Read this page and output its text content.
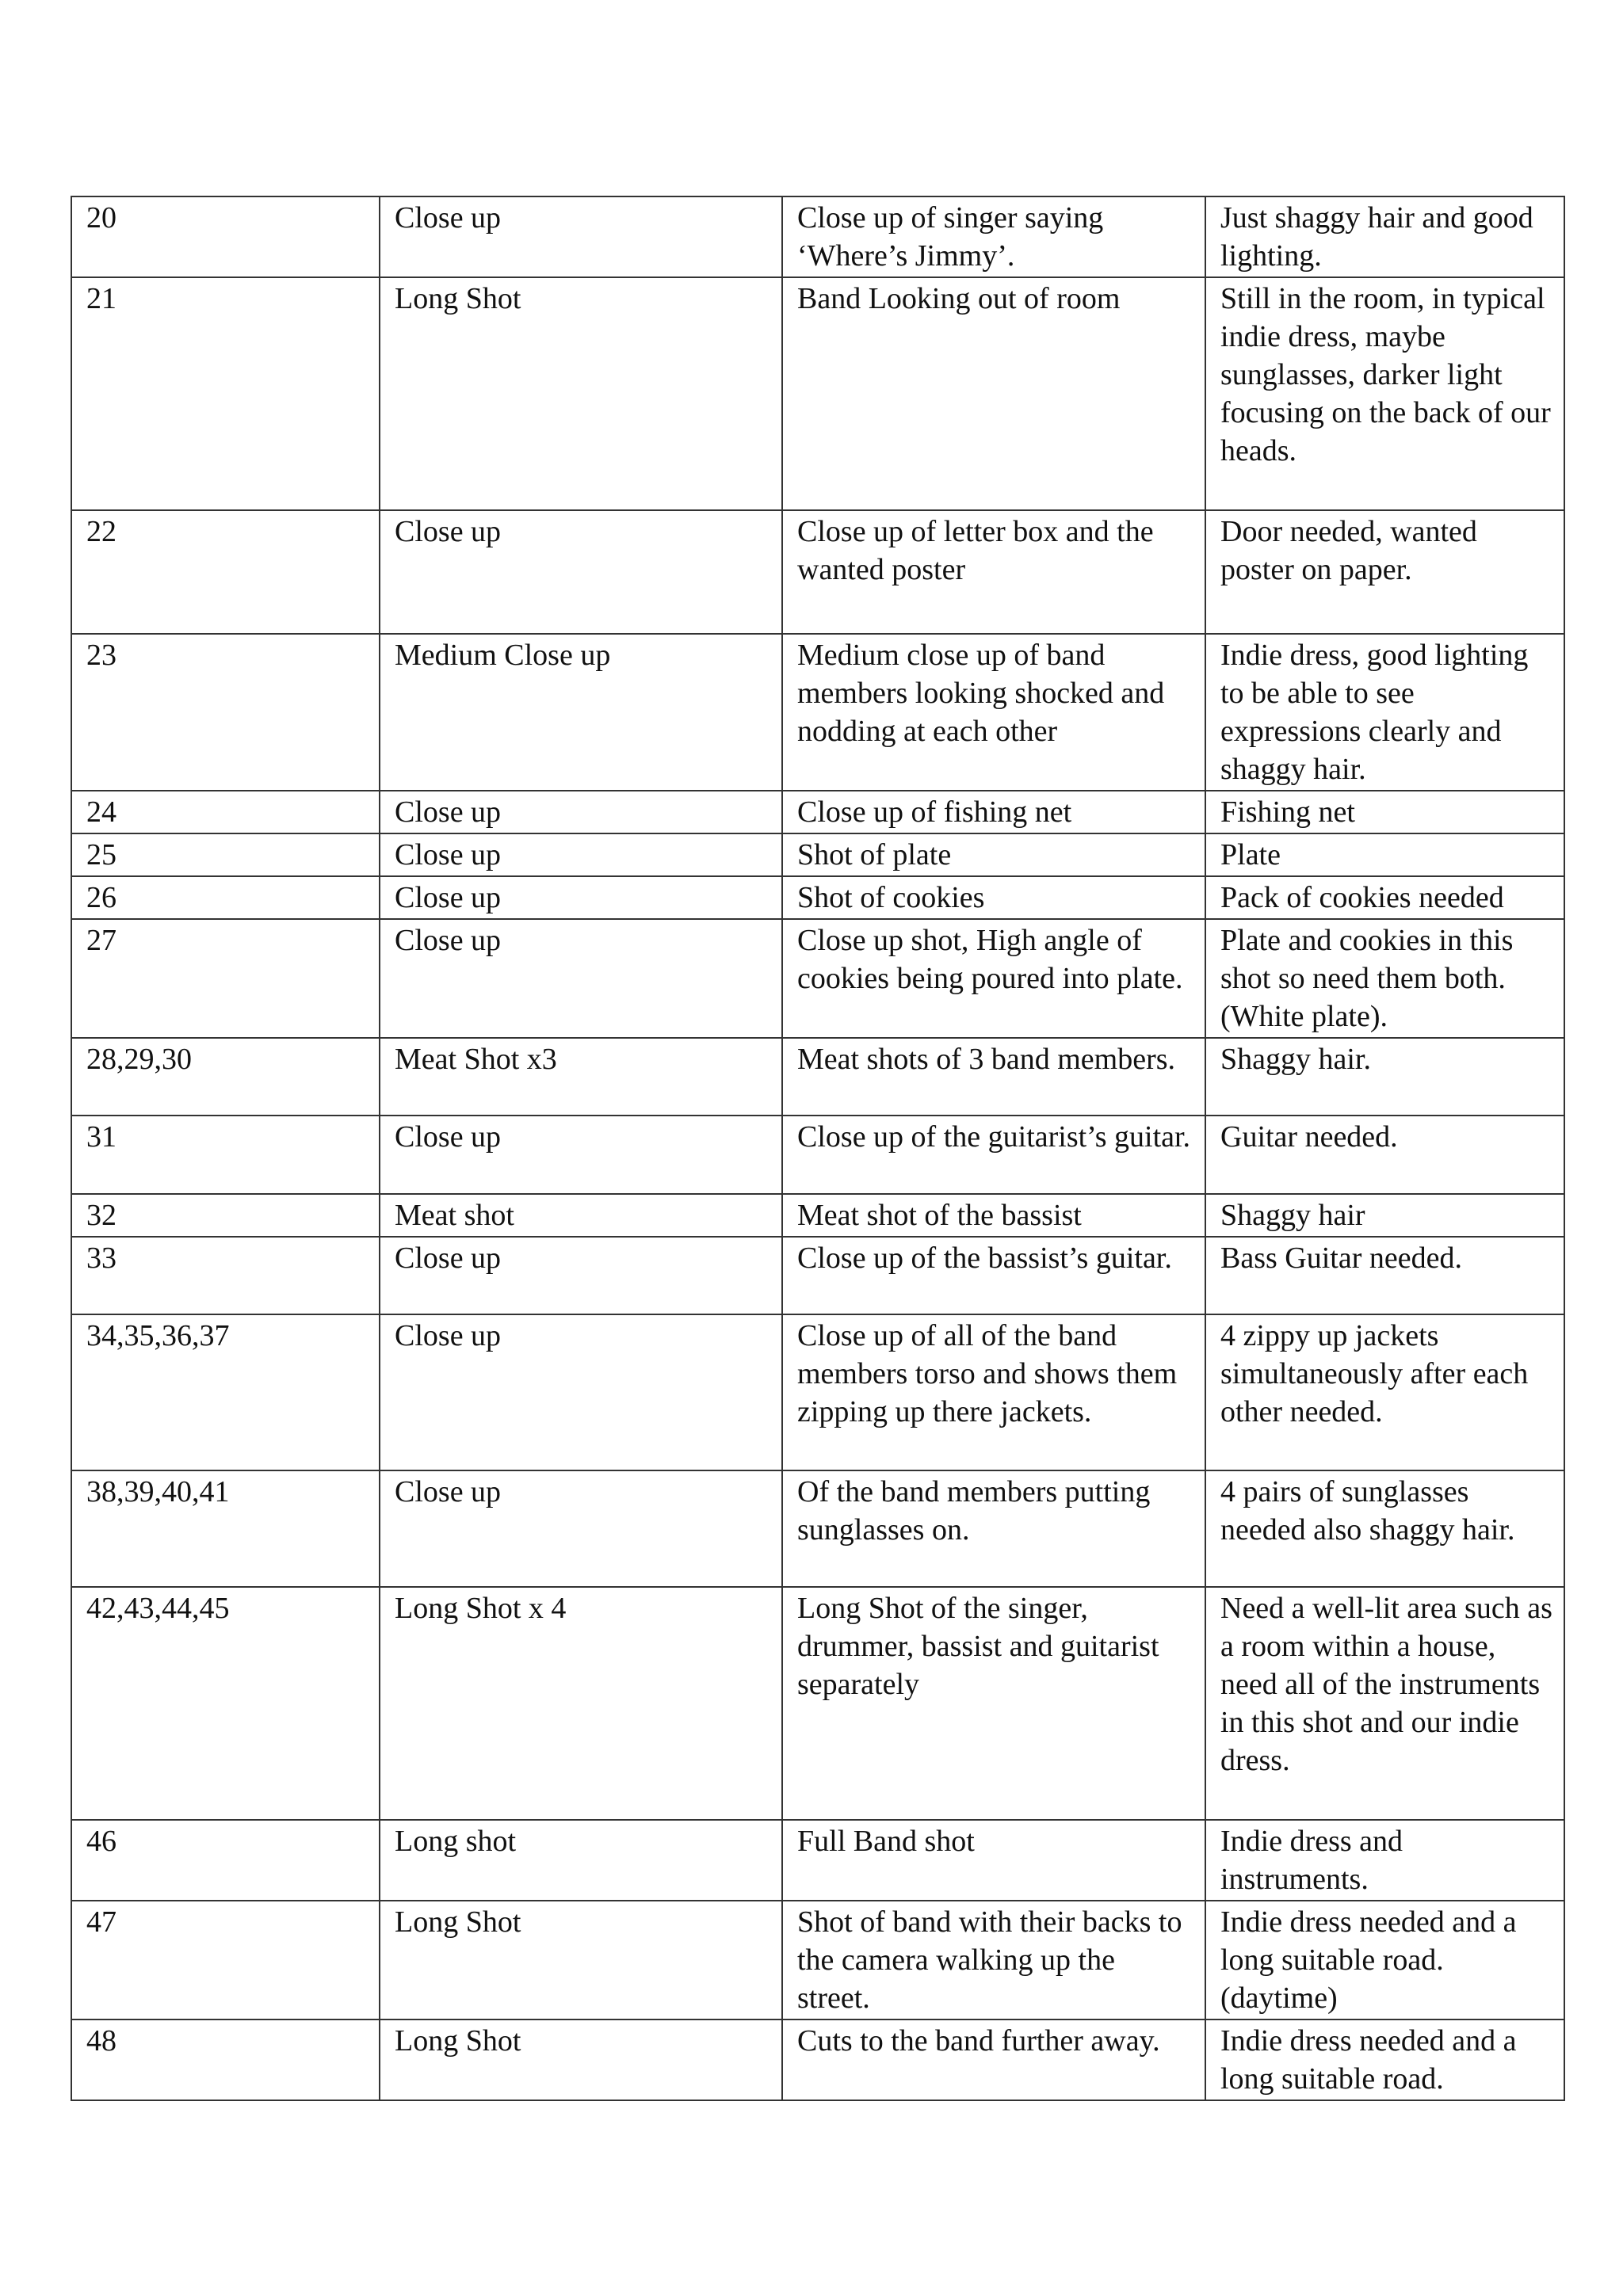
20	Close up	Close up of singer saying ‘Where’s Jimmy’.	Just shaggy hair and good lighting.
21	Long Shot	Band Looking out of room	Still in the room, in typical indie dress, maybe sunglasses, darker light focusing on the back of our heads.
22	Close up	Close up of letter box and the wanted poster	Door needed, wanted poster on paper.
23	Medium Close up	Medium close up of band members looking shocked and nodding at each other	Indie dress, good lighting to be able to see expressions clearly and shaggy hair.
24	Close up	Close up of fishing net	Fishing net
25	Close up	Shot of plate	Plate
26	Close up	Shot of cookies	Pack of cookies needed
27	Close up	Close up shot, High angle of cookies being poured into plate.	Plate and cookies in this shot so need them both. (White plate).
28,29,30	Meat Shot x3	Meat shots of 3 band members.	Shaggy hair.
31	Close up	Close up of the guitarist’s guitar.	Guitar needed.
32	Meat shot	Meat shot of the bassist	Shaggy hair
33	Close up	Close up of the bassist’s guitar.	Bass Guitar needed.
34,35,36,37	Close up	Close up of all of the band members torso and shows them zipping up there jackets.	4 zippy up jackets simultaneously after each other needed.
38,39,40,41	Close up	Of the band members putting sunglasses on.	4 pairs of sunglasses needed also shaggy hair.
42,43,44,45	Long Shot x 4	Long Shot of the singer, drummer, bassist and guitarist separately	Need a well-lit area such as a room within a house, need all of the instruments in this shot and our indie dress.
46	Long shot	Full Band shot	Indie dress and instruments.
47	Long Shot	Shot of band with their backs to the camera walking up the street.	Indie dress needed and a long suitable road. (daytime)
48	Long Shot	Cuts to the band further away.	Indie dress needed and a long suitable road.
